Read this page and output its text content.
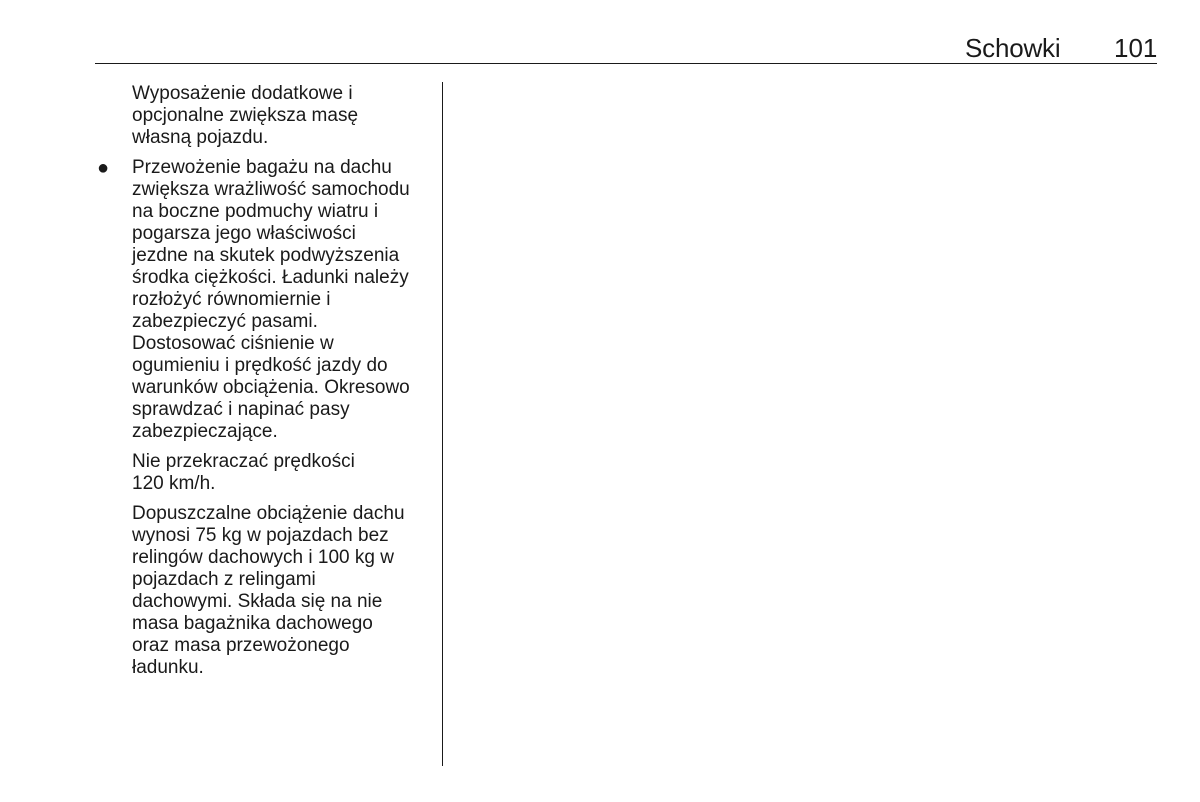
Schowki 101
Wyposażenie dodatkowe i
opcjonalne zwiększa masę
własną pojazdu.
● Przewożenie bagażu na dachu
zwiększa wrażliwość samochodu
na boczne podmuchy wiatru i
pogarsza jego właściwości
jezdne na skutek podwyższenia
środka ciężkości. Ładunki należy
rozłożyć równomiernie i
zabezpieczyć pasami.
Dostosować ciśnienie w
ogumieniu i prędkość jazdy do
warunków obciążenia. Okresowo
sprawdzać i napinać pasy
zabezpieczające.
Nie przekraczać prędkości
120 km/h.
Dopuszczalne obciążenie dachu
wynosi 75 kg w pojazdach bez
relingów dachowych i 100 kg w
pojazdach z relingami
dachowymi. Składa się na nie
masa bagażnika dachowego
oraz masa przewożonego
ładunku.
